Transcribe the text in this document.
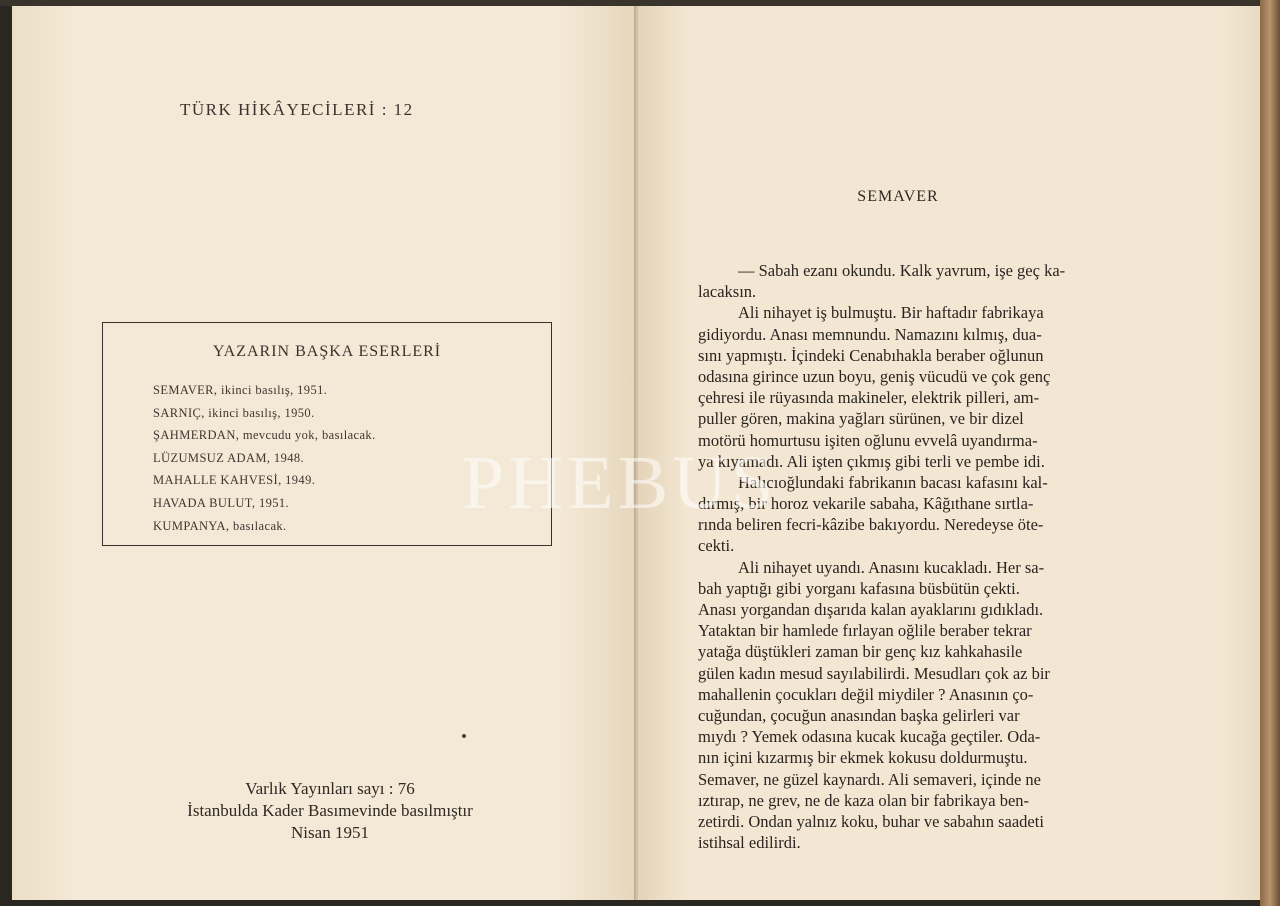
TÜRK HİKÂYECİLERİ : 12
YAZARIN BAŞKA ESERLERİ
SEMAVER, ikinci basılış, 1951.
SARNIÇ, ikinci basılış, 1950.
ŞAHMERDAN, mevcudu yok, basılacak.
LÜZUMSUZ ADAM, 1948.
MAHALLE KAHVESİ, 1949.
HAVADA BULUT, 1951.
KUMPANYA, basılacak.
Varlık Yayınları sayı : 76
İstanbulda Kader Basımevinde basılmıştır
Nisan 1951
SEMAVER
— Sabah ezanı okundu. Kalk yavrum, işe geç ka-
lacaksın.
Ali nihayet iş bulmuştu. Bir haftadır fabrikaya
gidiyordu. Anası memnundu. Namazını kılmış, dua-
sını yapmıştı. İçindeki Cenabıhakla beraber oğlunun
odasına girince uzun boyu, geniş vücudü ve çok genç
çehresi ile rüyasında makineler, elektrik pilleri, am-
puller gören, makina yağları sürünen, ve bir dizel
motörü homurtusu işiten oğlunu evvelâ uyandırma-
ya kıyamadı. Ali işten çıkmış gibi terli ve pembe idi.
Halıcıoğlundaki fabrikanın bacası kafasını kal-
dırmış, bir horoz vekarile sabaha, Kâğıthane sırtla-
rında beliren fecri-kâzibe bakıyordu. Neredeyse öte-
cekti.
Ali nihayet uyandı. Anasını kucakladı. Her sa-
bah yaptığı gibi yorganı kafasına büsbütün çekti.
Anası yorgandan dışarıda kalan ayaklarını gıdıkladı.
Yataktan bir hamlede fırlayan oğlile beraber tekrar
yatağa düştükleri zaman bir genç kız kahkahasile
gülen kadın mesud sayılabilirdi. Mesudları çok az bir
mahallenin çocukları değil miydiler ? Anasının ço-
cuğundan, çocuğun anasından başka gelirleri var
mıydı ? Yemek odasına kucak kucağa geçtiler. Oda-
nın içini kızarmış bir ekmek kokusu doldurmuştu.
Semaver, ne güzel kaynardı. Ali semaveri, içinde ne
ıztırap, ne grev, ne de kaza olan bir fabrikaya ben-
zetirdi. Ondan yalnız koku, buhar ve sabahın saadeti
istihsal edilirdi.
PHEBUS
